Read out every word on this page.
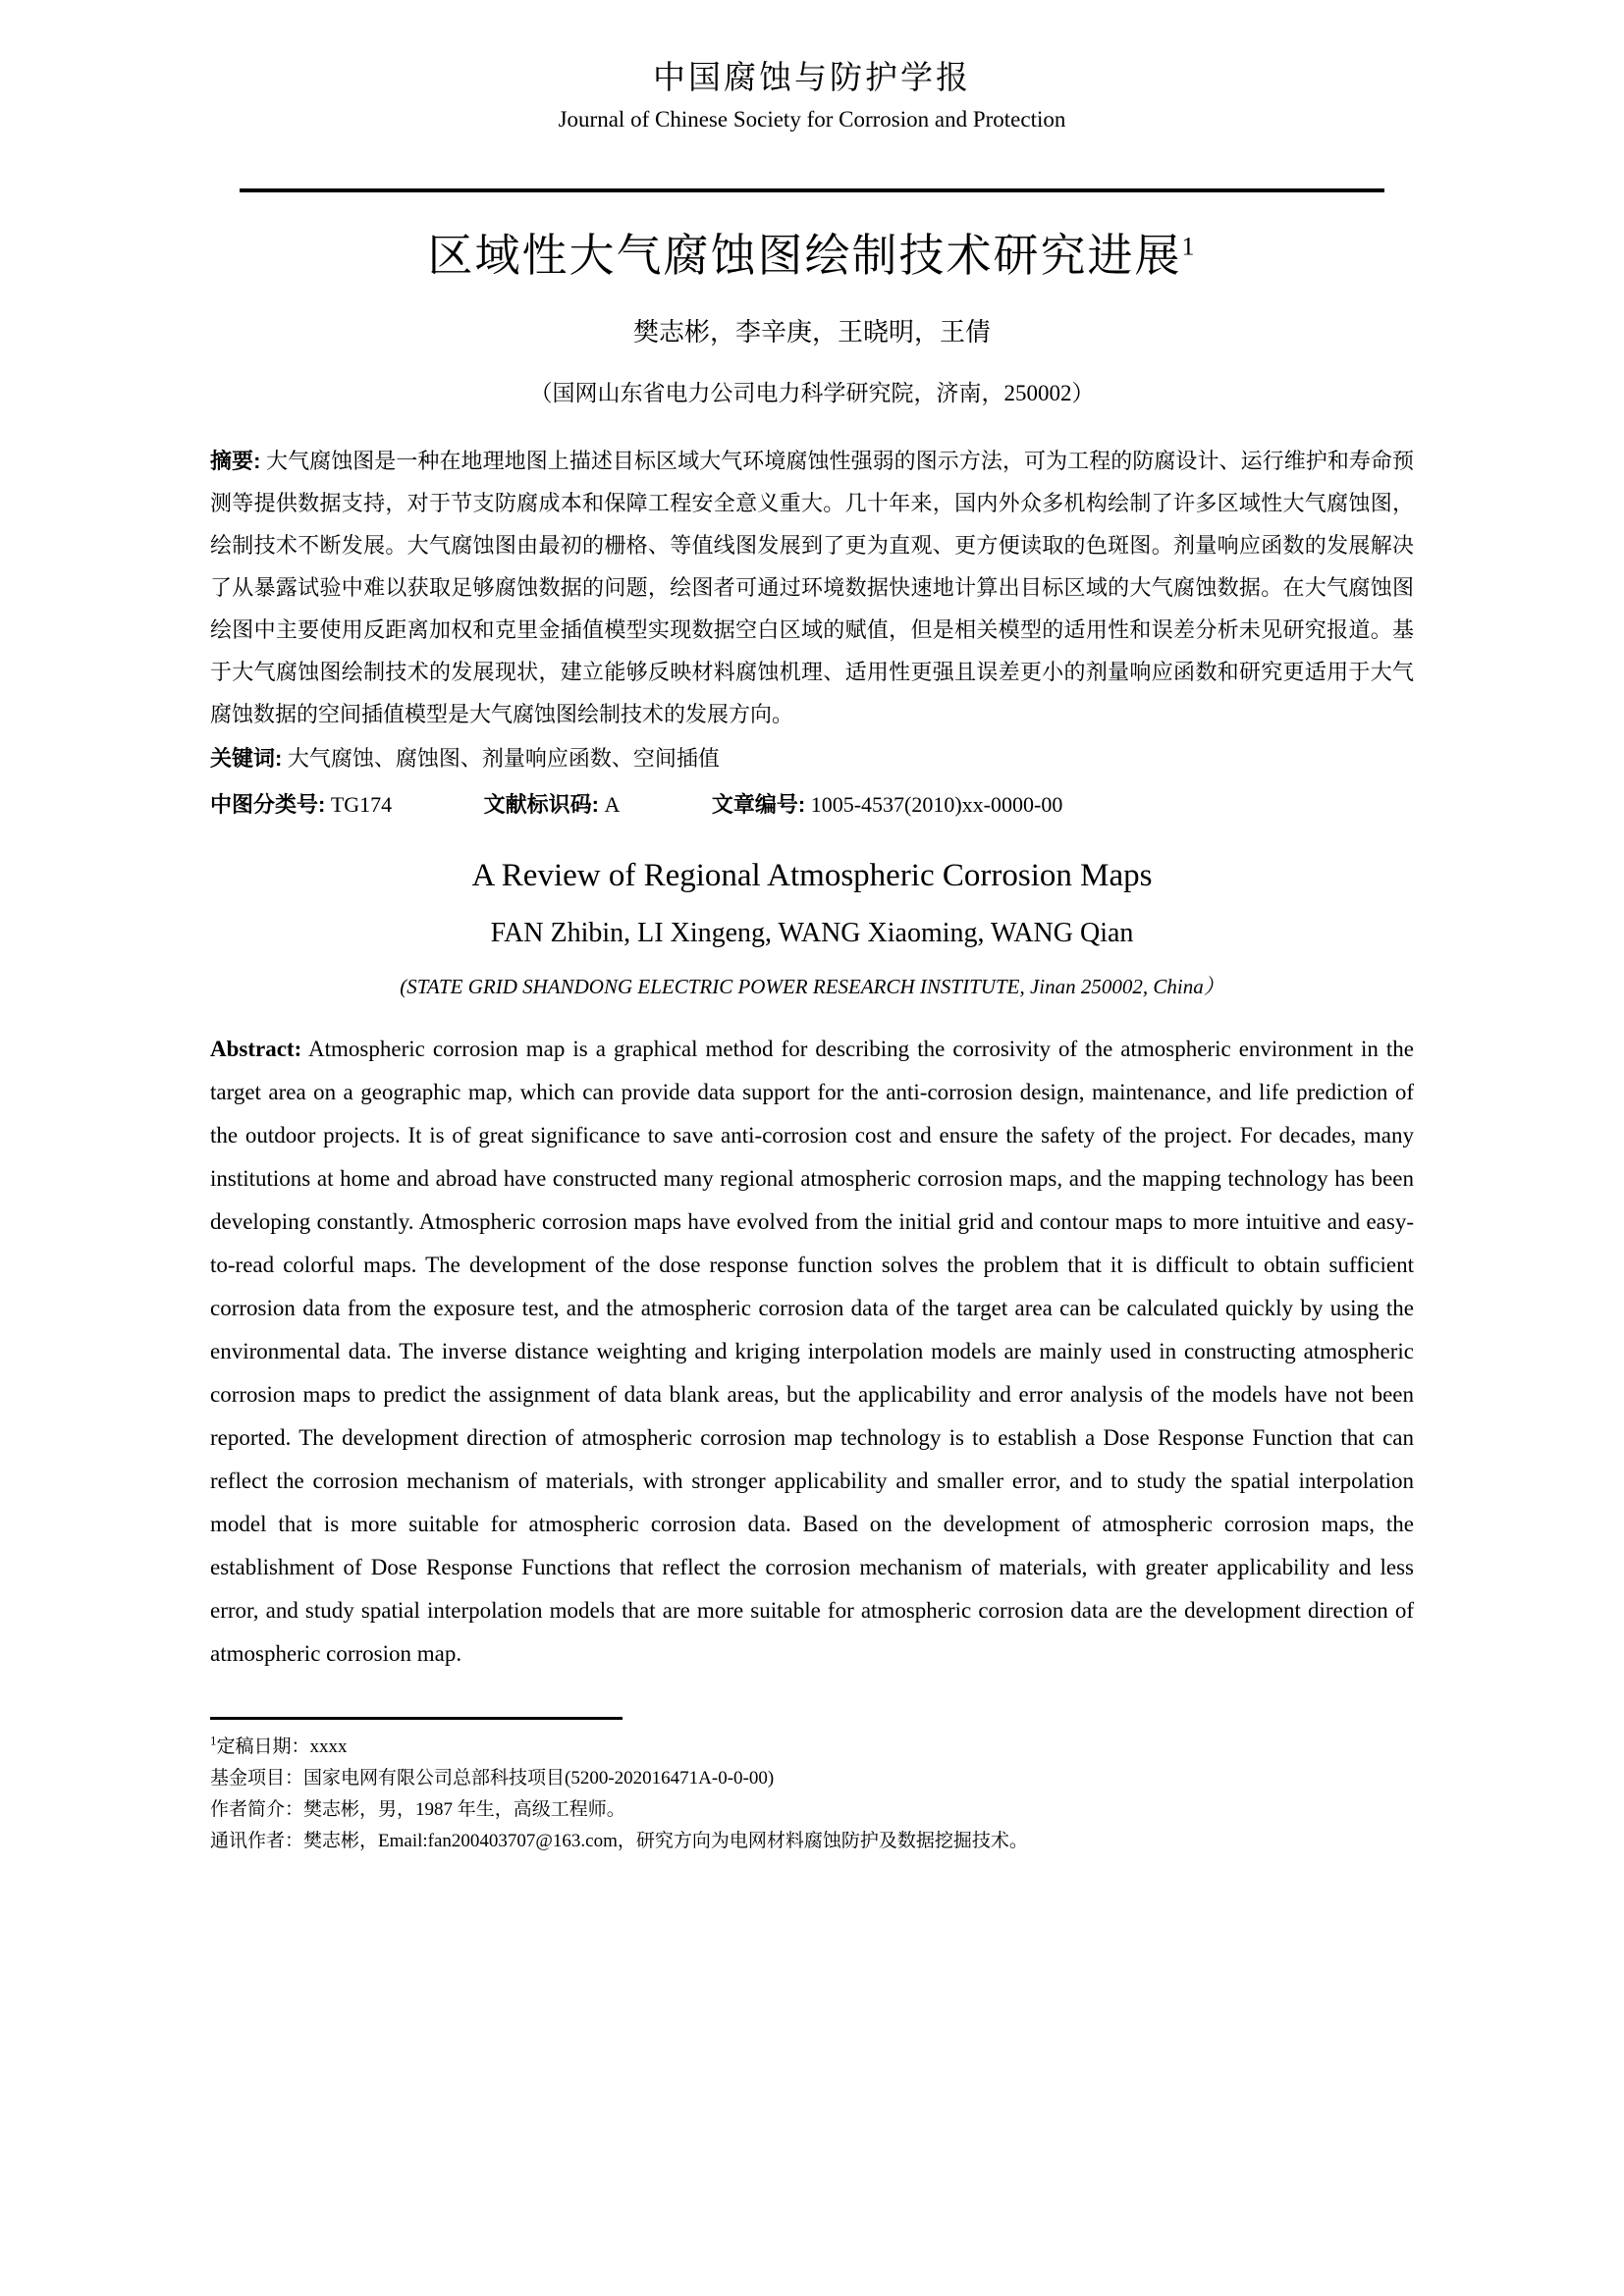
中国腐蚀与防护学报
Journal of Chinese Society for Corrosion and Protection
区域性大气腐蚀图绘制技术研究进展$^1$
樊志彬，李辛庚，王晓明，王倩
（国网山东省电力公司电力科学研究院，济南，250002）
摘要: 大气腐蚀图是一种在地理地图上描述目标区域大气环境腐蚀性强弱的图示方法，可为工程的防腐设计、运行维护和寿命预测等提供数据支持，对于节支防腐成本和保障工程安全意义重大。几十年来，国内外众多机构绘制了许多区域性大气腐蚀图，绘制技术不断发展。大气腐蚀图由最初的栅格、等值线图发展到了更为直观、更方便读取的色斑图。剂量响应函数的发展解决了从暴露试验中难以获取足够腐蚀数据的问题，绘图者可通过环境数据快速地计算出目标区域的大气腐蚀数据。在大气腐蚀图绘图中主要使用反距离加权和克里金插值模型实现数据空白区域的赋值，但是相关模型的适用性和误差分析未见研究报道。基于大气腐蚀图绘制技术的发展现状，建立能够反映材料腐蚀机理、适用性更强且误差更小的剂量响应函数和研究更适用于大气腐蚀数据的空间插值模型是大气腐蚀图绘制技术的发展方向。
关键词: 大气腐蚀、腐蚀图、剂量响应函数、空间插值
中图分类号: TG174	文献标识码: A	文章编号: 1005-4537(2010)xx-0000-00
A Review of Regional Atmospheric Corrosion Maps
FAN Zhibin, LI Xingeng, WANG Xiaoming, WANG Qian
(STATE GRID SHANDONG ELECTRIC POWER RESEARCH INSTITUTE, Jinan 250002, China）
Abstract: Atmospheric corrosion map is a graphical method for describing the corrosivity of the atmospheric environment in the target area on a geographic map, which can provide data support for the anti-corrosion design, maintenance, and life prediction of the outdoor projects. It is of great significance to save anti-corrosion cost and ensure the safety of the project. For decades, many institutions at home and abroad have constructed many regional atmospheric corrosion maps, and the mapping technology has been developing constantly. Atmospheric corrosion maps have evolved from the initial grid and contour maps to more intuitive and easy-to-read colorful maps. The development of the dose response function solves the problem that it is difficult to obtain sufficient corrosion data from the exposure test, and the atmospheric corrosion data of the target area can be calculated quickly by using the environmental data. The inverse distance weighting and kriging interpolation models are mainly used in constructing atmospheric corrosion maps to predict the assignment of data blank areas, but the applicability and error analysis of the models have not been reported. The development direction of atmospheric corrosion map technology is to establish a Dose Response Function that can reflect the corrosion mechanism of materials, with stronger applicability and smaller error, and to study the spatial interpolation model that is more suitable for atmospheric corrosion data. Based on the development of atmospheric corrosion maps, the establishment of Dose Response Functions that reflect the corrosion mechanism of materials, with greater applicability and less error, and study spatial interpolation models that are more suitable for atmospheric corrosion data are the development direction of atmospheric corrosion map.
$^1$定稿日期：xxxx
基金项目：国家电网有限公司总部科技项目(5200-202016471A-0-0-00)
作者简介：樊志彬，男，1987 年生，高级工程师。
通讯作者：樊志彬，Email:fan200403707@163.com，研究方向为电网材料腐蚀防护及数据挖掘技术。
